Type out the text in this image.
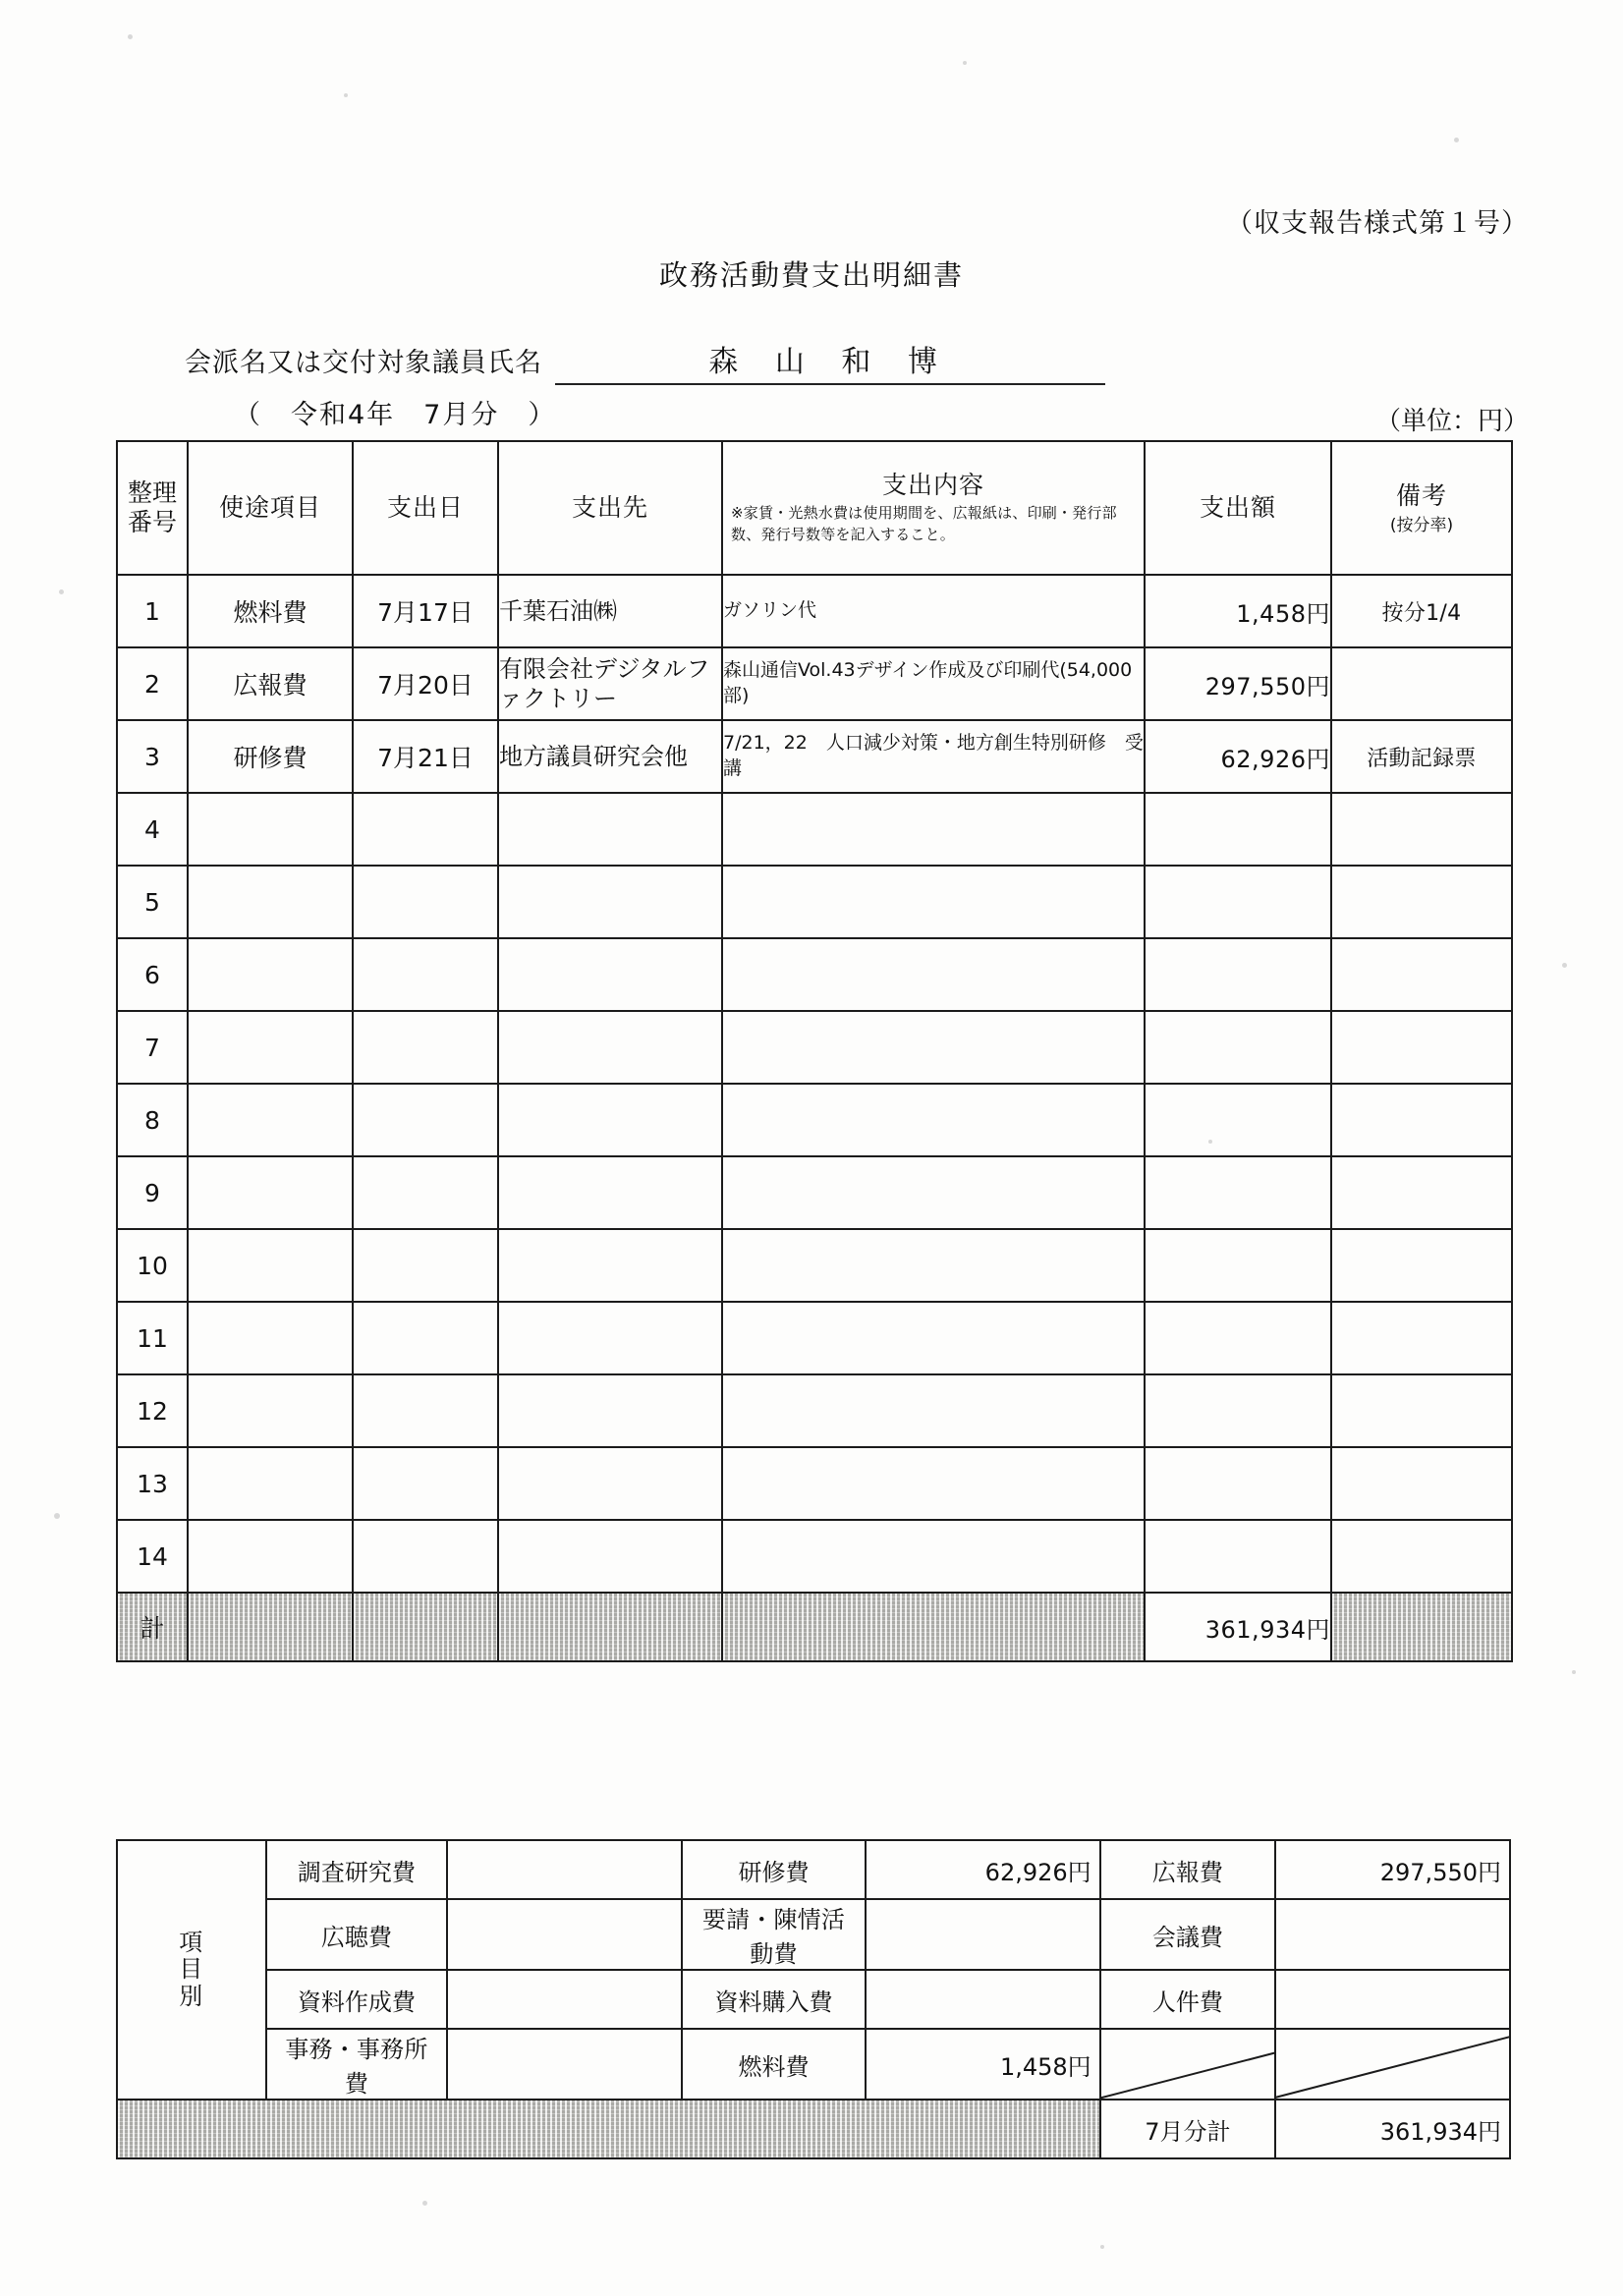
（収支報告様式第１号）
政務活動費支出明細書
会派名又は交付対象議員氏名	森 山 和 博
（　令和4年　7月分　）	（単位：円）
整理
番号
	使途項目	支出日	支出先	
支出内容
※家賃・光熱水費は使用期間を、広報紙は、印刷・発行部数、発行号数等を記入すること。
	支出額	備考
(按分率)

1	燃料費	7月17日	千葉石油㈱	ガソリン代	1,458円	按分1/4
2	広報費	7月20日	有限会社デジタルファクトリー	森山通信Vol.43デザイン作成及び印刷代(54,000部)	297,550円	
3	研修費	7月21日	地方議員研究会他	7/21，22　人口減少対策・地方創生特別研修　受講	62,926円	活動記録票
4						
5						
6						
7						
8						
9						
10						
11						
12						
13						
14						
計					361,934円	
項
目
別	調査研究費		研修費	62,926円	広報費	297,550円
	広聴費		要請・陳情活動費		会議費	
	資料作成費		資料購入費		人件費	
	事務・事務所費		燃料費	1,458円		
					7月分計	361,934円
